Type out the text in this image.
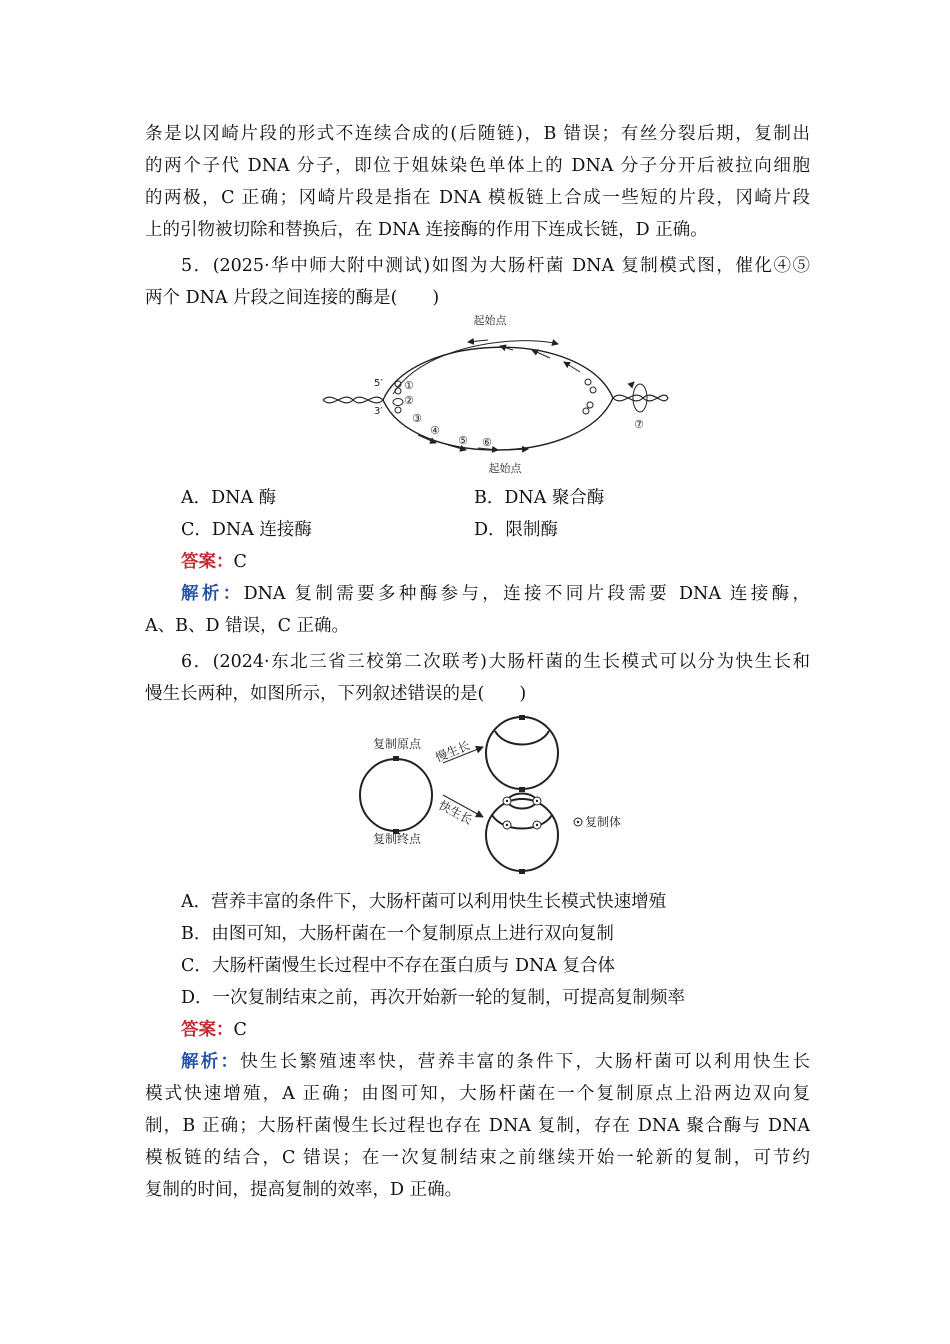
条是以冈崎片段的形式不连续合成的(后随链)，B 错误；有丝分裂后期，复制出
的两个子代 DNA 分子，即位于姐妹染色单体上的 DNA 分子分开后被拉向细胞
的两极，C 正确；冈崎片段是指在 DNA 模板链上合成一些短的片段，冈崎片段
上的引物被切除和替换后，在 DNA 连接酶的作用下连成长链，D 正确。
5．(2025·华中师大附中测试)如图为大肠杆菌 DNA 复制模式图，催化④⑤
两个 DNA 片段之间连接的酶是(　　)
起始点
起始点
5′
3′
①
②
③
④
⑤ ⑥
⑦
A．DNA 酶	B．DNA 聚合酶
C．DNA 连接酶	D．限制酶
答案：C
解析：DNA 复制需要多种酶参与，连接不同片段需要 DNA 连接酶，
A、B、D 错误，C 正确。
6．(2024·东北三省三校第二次联考)大肠杆菌的生长模式可以分为快生长和
慢生长两种，如图所示，下列叙述错误的是(　　)
复制原点
复制终点
慢生长
快生长	复制体
A．营养丰富的条件下，大肠杆菌可以利用快生长模式快速增殖
B．由图可知，大肠杆菌在一个复制原点上进行双向复制
C．大肠杆菌慢生长过程中不存在蛋白质与 DNA 复合体
D．一次复制结束之前，再次开始新一轮的复制，可提高复制频率
答案：C
解析：快生长繁殖速率快，营养丰富的条件下，大肠杆菌可以利用快生长
模式快速增殖，A 正确；由图可知，大肠杆菌在一个复制原点上沿两边双向复
制，B 正确；大肠杆菌慢生长过程也存在 DNA 复制，存在 DNA 聚合酶与 DNA
模板链的结合，C 错误；在一次复制结束之前继续开始一轮新的复制，可节约
复制的时间，提高复制的效率，D 正确。
